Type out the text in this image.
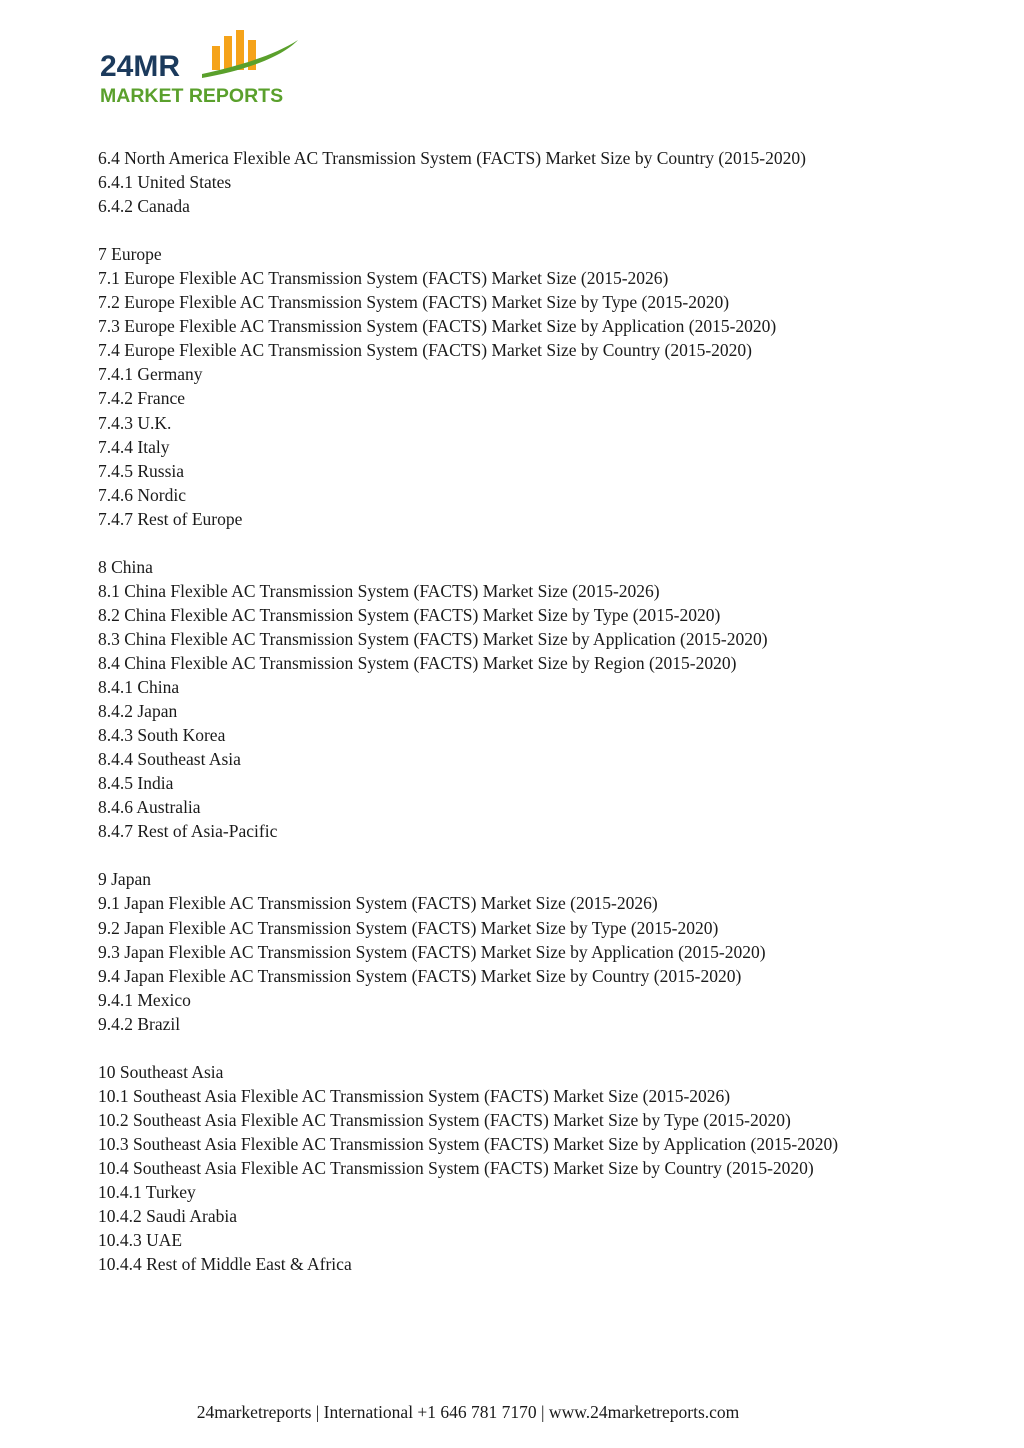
24MR
MARKET REPORTS
6.4 North America Flexible AC Transmission System (FACTS) Market Size by Country (2015-2020)
6.4.1 United States
6.4.2 Canada
7 Europe
7.1 Europe Flexible AC Transmission System (FACTS) Market Size (2015-2026)
7.2 Europe Flexible AC Transmission System (FACTS) Market Size by Type (2015-2020)
7.3 Europe Flexible AC Transmission System (FACTS) Market Size by Application (2015-2020)
7.4 Europe Flexible AC Transmission System (FACTS) Market Size by Country (2015-2020)
7.4.1 Germany
7.4.2 France
7.4.3 U.K.
7.4.4 Italy
7.4.5 Russia
7.4.6 Nordic
7.4.7 Rest of Europe
8 China
8.1 China Flexible AC Transmission System (FACTS) Market Size (2015-2026)
8.2 China Flexible AC Transmission System (FACTS) Market Size by Type (2015-2020)
8.3 China Flexible AC Transmission System (FACTS) Market Size by Application (2015-2020)
8.4 China Flexible AC Transmission System (FACTS) Market Size by Region (2015-2020)
8.4.1 China
8.4.2 Japan
8.4.3 South Korea
8.4.4 Southeast Asia
8.4.5 India
8.4.6 Australia
8.4.7 Rest of Asia-Pacific
9 Japan
9.1 Japan Flexible AC Transmission System (FACTS) Market Size (2015-2026)
9.2 Japan Flexible AC Transmission System (FACTS) Market Size by Type (2015-2020)
9.3 Japan Flexible AC Transmission System (FACTS) Market Size by Application (2015-2020)
9.4 Japan Flexible AC Transmission System (FACTS) Market Size by Country (2015-2020)
9.4.1 Mexico
9.4.2 Brazil
10 Southeast Asia
10.1 Southeast Asia Flexible AC Transmission System (FACTS) Market Size (2015-2026)
10.2 Southeast Asia Flexible AC Transmission System (FACTS) Market Size by Type (2015-2020)
10.3 Southeast Asia Flexible AC Transmission System (FACTS) Market Size by Application (2015-2020)
10.4 Southeast Asia Flexible AC Transmission System (FACTS) Market Size by Country (2015-2020)
10.4.1 Turkey
10.4.2 Saudi Arabia
10.4.3 UAE
10.4.4 Rest of Middle East & Africa
24marketreports | International +1 646 781 7170 | www.24marketreports.com
